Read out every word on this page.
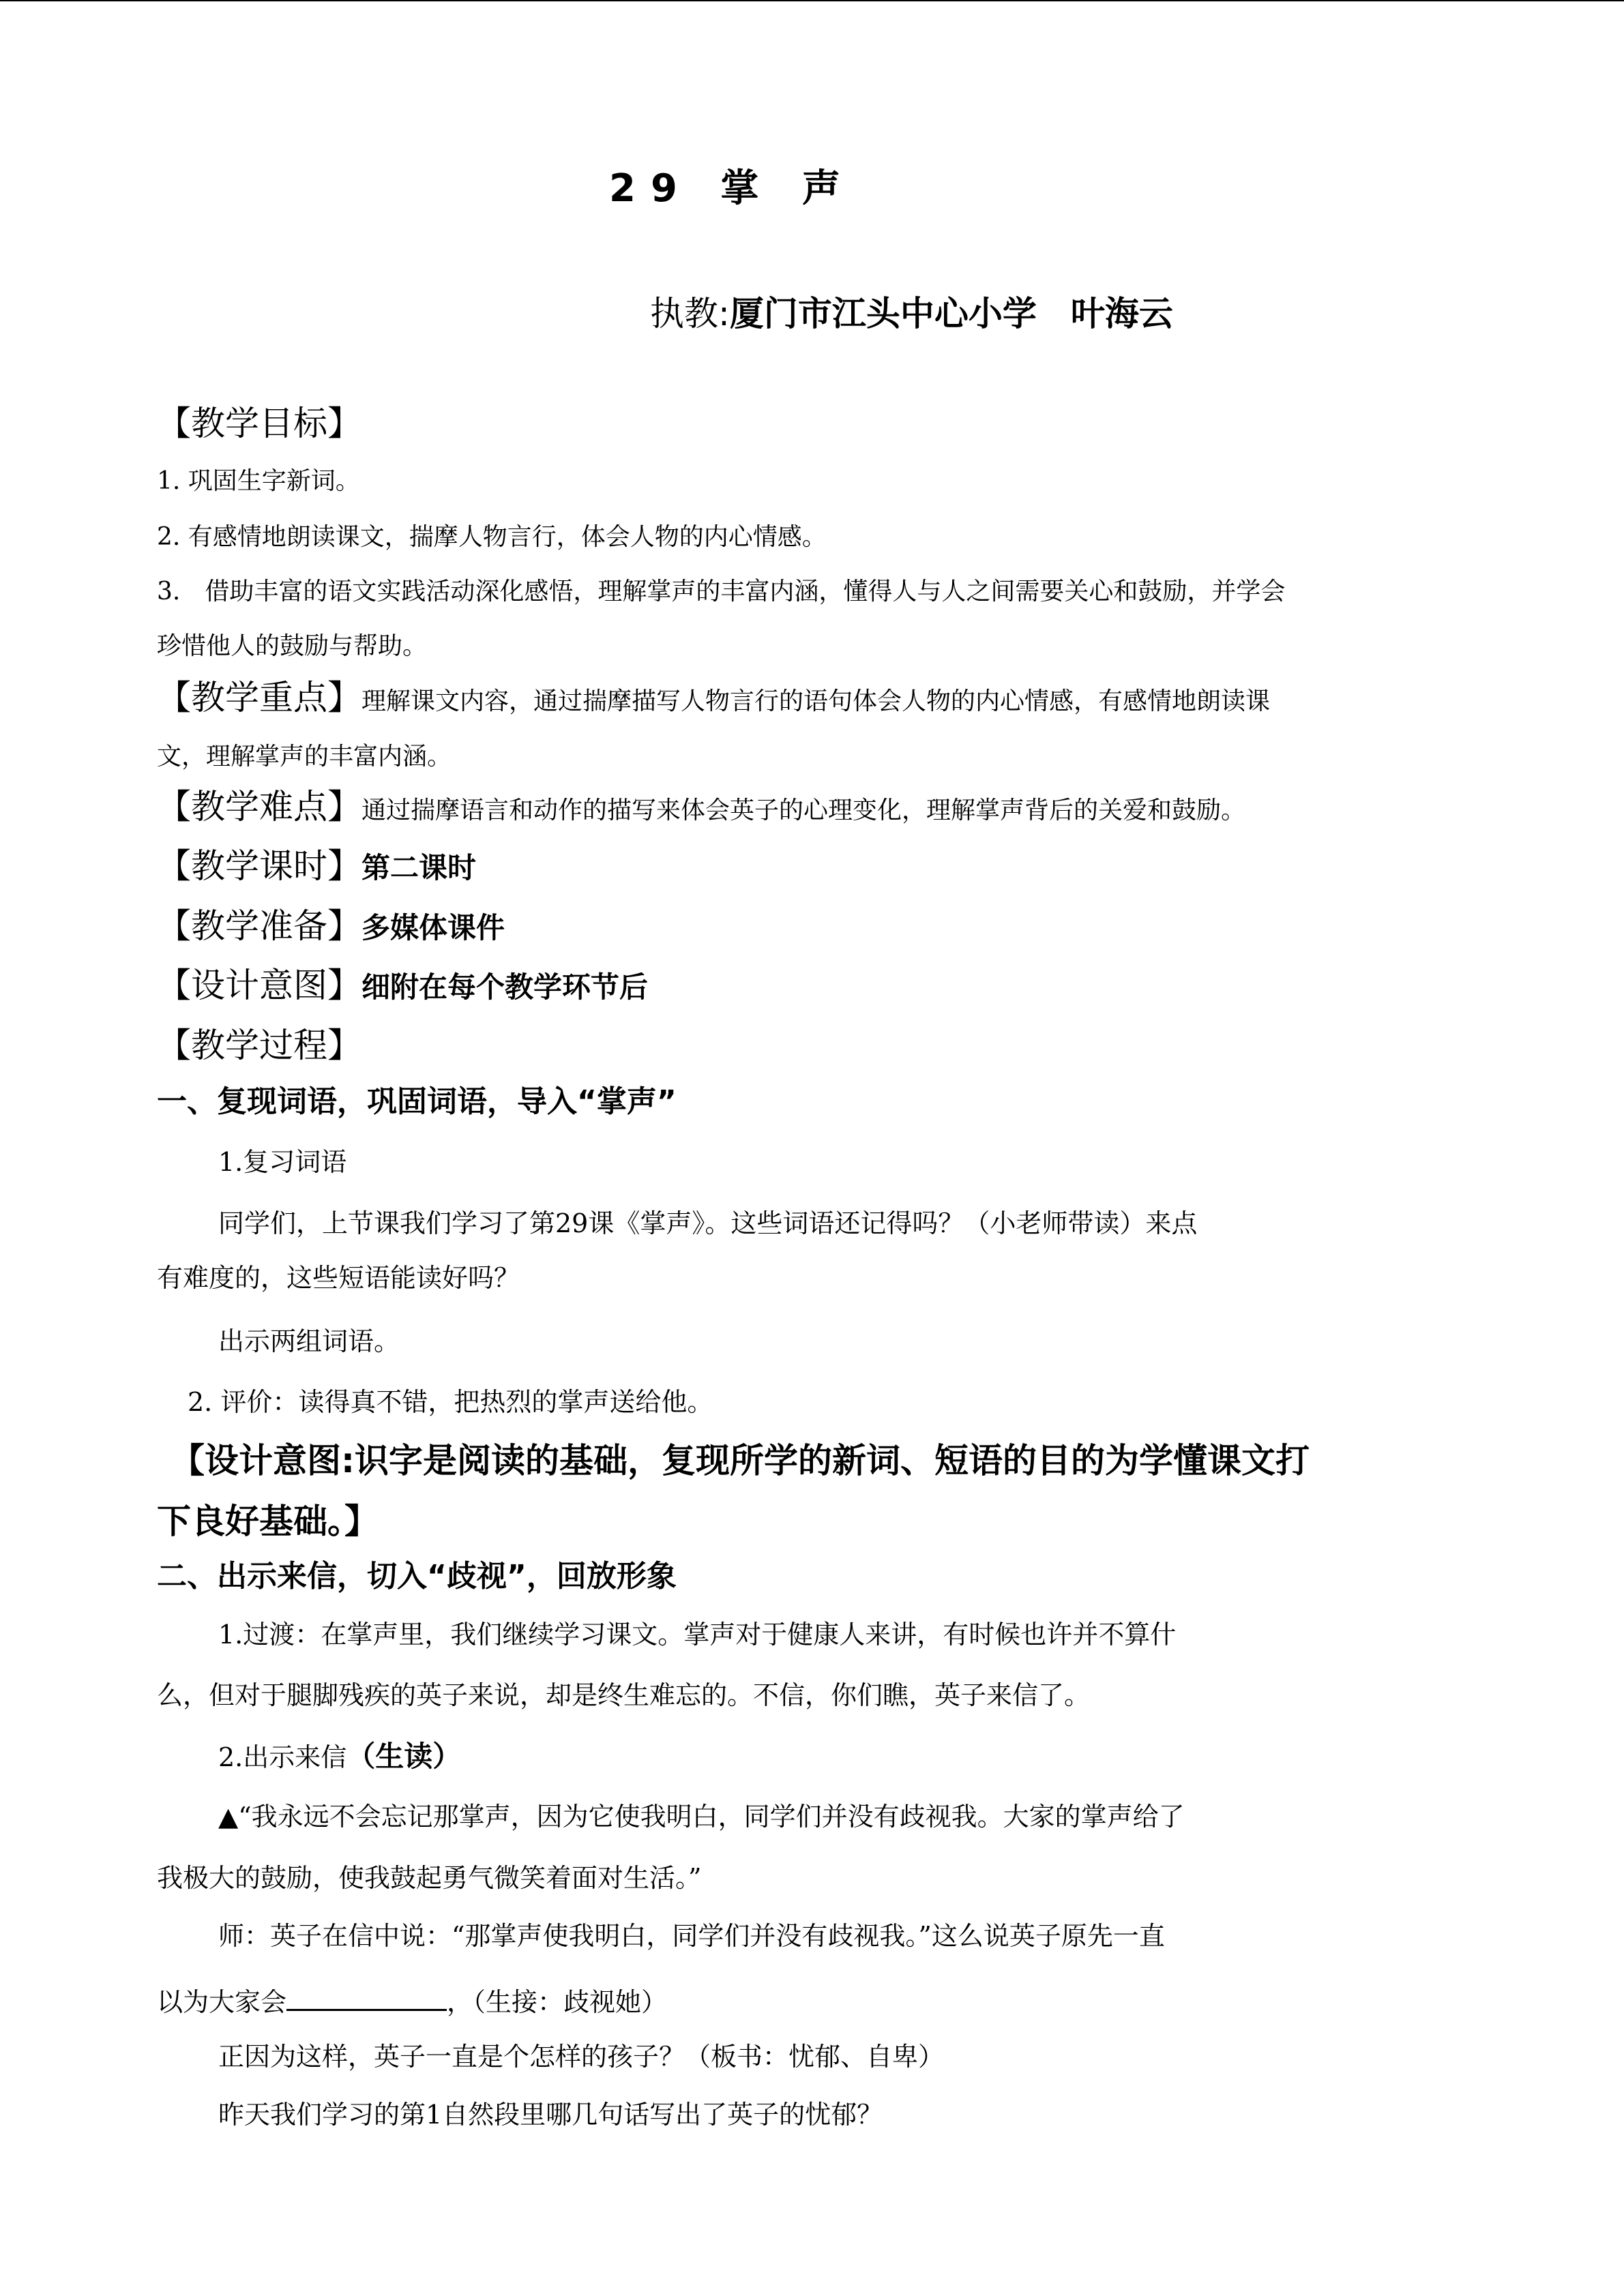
29 掌 声
执教:厦门市江头中心小学　叶海云
【教学目标】
1. 巩固生字新词。
2. 有感情地朗读课文，揣摩人物言行，体会人物的内心情感。
3.　借助丰富的语文实践活动深化感悟，理解掌声的丰富内涵，懂得人与人之间需要关心和鼓励，并学会
珍惜他人的鼓励与帮助。
【教学重点】理解课文内容，通过揣摩描写人物言行的语句体会人物的内心情感，有感情地朗读课
文，理解掌声的丰富内涵。
【教学难点】通过揣摩语言和动作的描写来体会英子的心理变化，理解掌声背后的关爱和鼓励。
【教学课时】第二课时
【教学准备】多媒体课件
【设计意图】细附在每个教学环节后
【教学过程】
一、复现词语，巩固词语，导入“掌声”
1.复习词语
同学们，上节课我们学习了第29课《掌声》。这些词语还记得吗？（小老师带读）来点
有难度的，这些短语能读好吗？
出示两组词语。
2. 评价：读得真不错，把热烈的掌声送给他。
【设计意图:识字是阅读的基础，复现所学的新词、短语的目的为学懂课文打
下良好基础。】
二、出示来信，切入“歧视”，回放形象
1.过渡：在掌声里，我们继续学习课文。掌声对于健康人来讲，有时候也许并不算什
么，但对于腿脚残疾的英子来说，却是终生难忘的。不信，你们瞧，英子来信了。
2.出示来信（生读）
▲“我永远不会忘记那掌声，因为它使我明白，同学们并没有歧视我。大家的掌声给了
我极大的鼓励，使我鼓起勇气微笑着面对生活。”
师：英子在信中说：“那掌声使我明白，同学们并没有歧视我。”这么说英子原先一直
以为大家会	，（生接：歧视她）
正因为这样，英子一直是个怎样的孩子？（板书：忧郁、自卑）
昨天我们学习的第1自然段里哪几句话写出了英子的忧郁？
